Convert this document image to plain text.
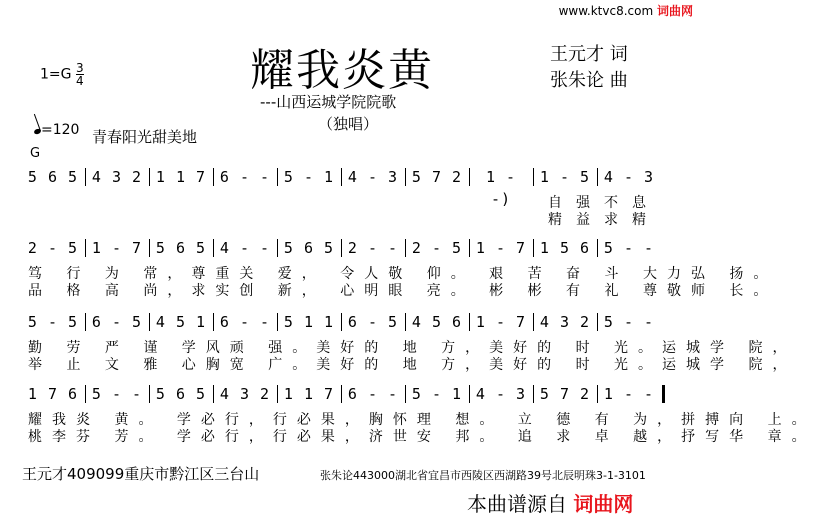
www.ktvc8.com 词曲网
$1=G \frac{3}{4}$	耀我炎黄
---山西运城学院院歌
（独唱）
王元才 词
张朱论 曲
=120 青春阳光甜美地
G
5 6 5 4 3 2 1 1 7 6 - - 5 - 1 4 - 3 5 7 2	1 - -)
1 - 5 4 - 3
自强不息
精益求精
2 - 5 1 - 7 5 6 5 4 - - 5 6 5 2 - - 2 - 5 1 - 7 1 5 6 5 - -
笃 行 为 常，尊重关 爱， 令人敬 仰。 艰 苦 奋 斗 大力弘 扬。
品 格 高 尚，求实创 新， 心明眼 亮。 彬 彬 有 礼 尊敬师 长。
5 - 5 6 - 5 4 5 1 6 - - 5 1 1 6 - 5 4 5 6 1 - 7 4 3 2 5 - -
勤 劳 严 谨 学风顽 强。美好的 地 方，美好的 时 光。运城学 院，
举 止 文 雅 心胸宽 广。美好的 地 方，美好的 时 光。运城学 院，
1 7 6 5 - - 5 6 5 4 3 2 1 1 7 6 - - 5 - 1 4 - 3 5 7 2 1 - -
耀我炎 黄。 学必行，行必果，胸怀理 想。 立 德 有 为，拼搏向 上。
桃李芬 芳。 学必行，行必果，济世安 邦。 追 求 卓 越，抒写华 章。
王元才409099重庆市黔江区三台山	张朱论443000湖北省宜昌市西陵区西湖路39号北辰明珠3-1-3101
本曲谱源自 词曲网
